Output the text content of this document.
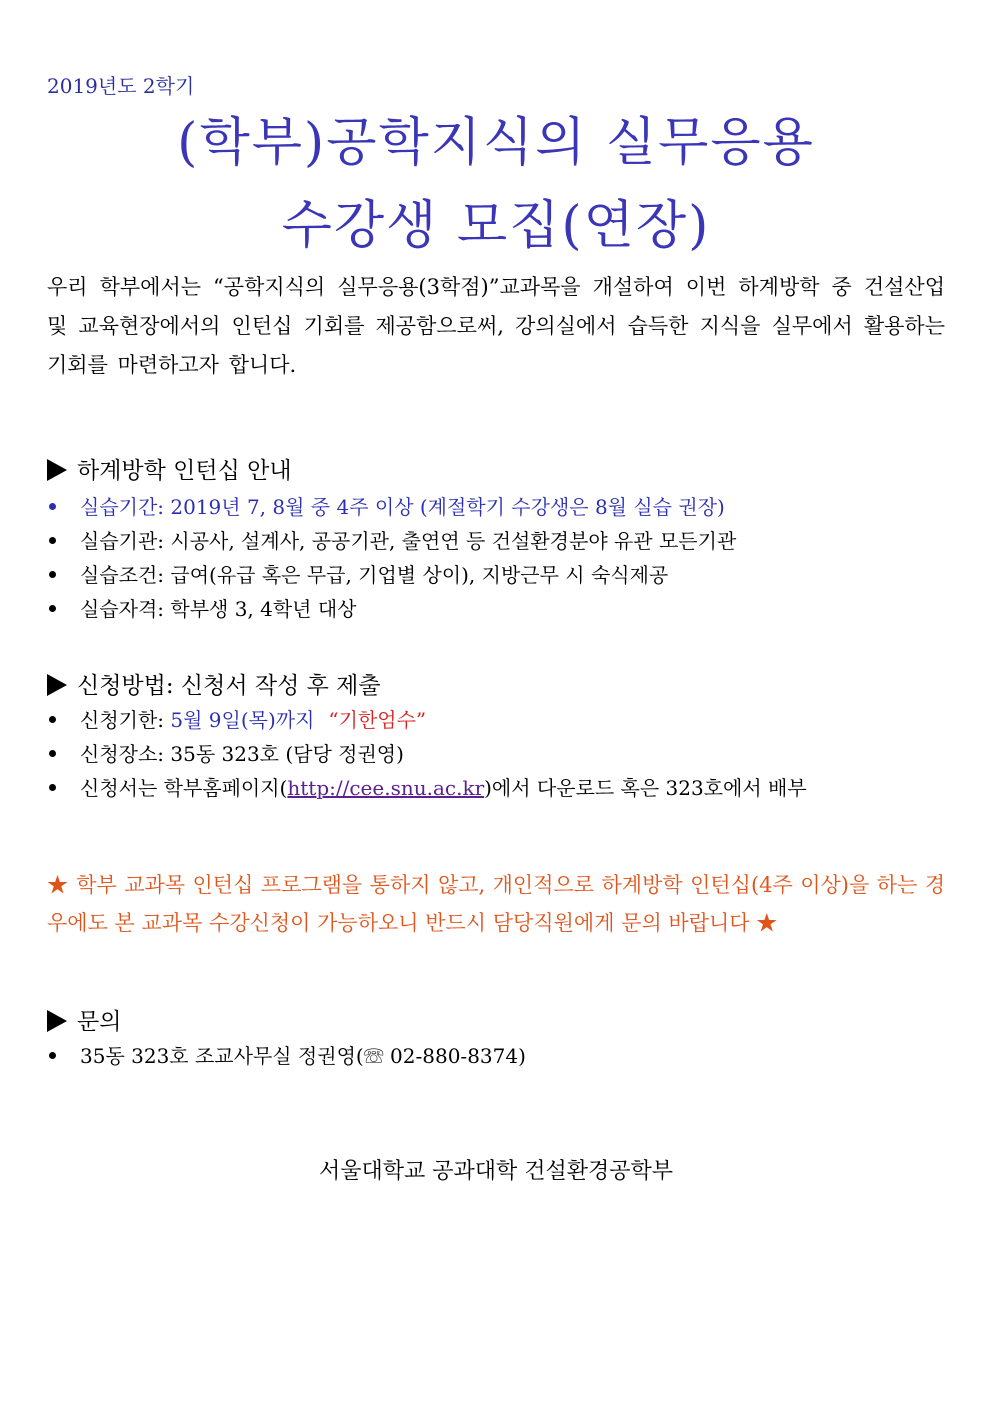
2019년도 2학기
(학부)공학지식의 실무응용
수강생 모집(연장)
우리 학부에서는 “공학지식의 실무응용(3학점)”교과목을 개설하여 이번 하계방학 중 건설산업 및 교육현장에서의 인턴십 기회를 제공함으로써, 강의실에서 습득한 지식을 실무에서 활용하는 기회를 마련하고자 합니다.
하계방학 인턴십 안내
실습기간: 2019년 7, 8월 중 4주 이상 (계절학기 수강생은 8월 실습 권장)
실습기관: 시공사, 설계사, 공공기관, 출연연 등 건설환경분야 유관 모든기관
실습조건: 급여(유급 혹은 무급, 기업별 상이), 지방근무 시 숙식제공
실습자격: 학부생 3, 4학년 대상
신청방법: 신청서 작성 후 제출
신청기한: 5월 9일(목)까지 “기한엄수”
신청장소: 35동 323호 (담당 정권영)
신청서는 학부홈페이지(http://cee.snu.ac.kr)에서 다운로드 혹은 323호에서 배부
★ 학부 교과목 인턴십 프로그램을 통하지 않고, 개인적으로 하계방학 인턴십(4주 이상)을 하는 경우에도 본 교과목 수강신청이 가능하오니 반드시 담당직원에게 문의 바랍니다 ★
문의
35동 323호 조교사무실 정권영(☏ 02-880-8374)
서울대학교 공과대학 건설환경공학부
